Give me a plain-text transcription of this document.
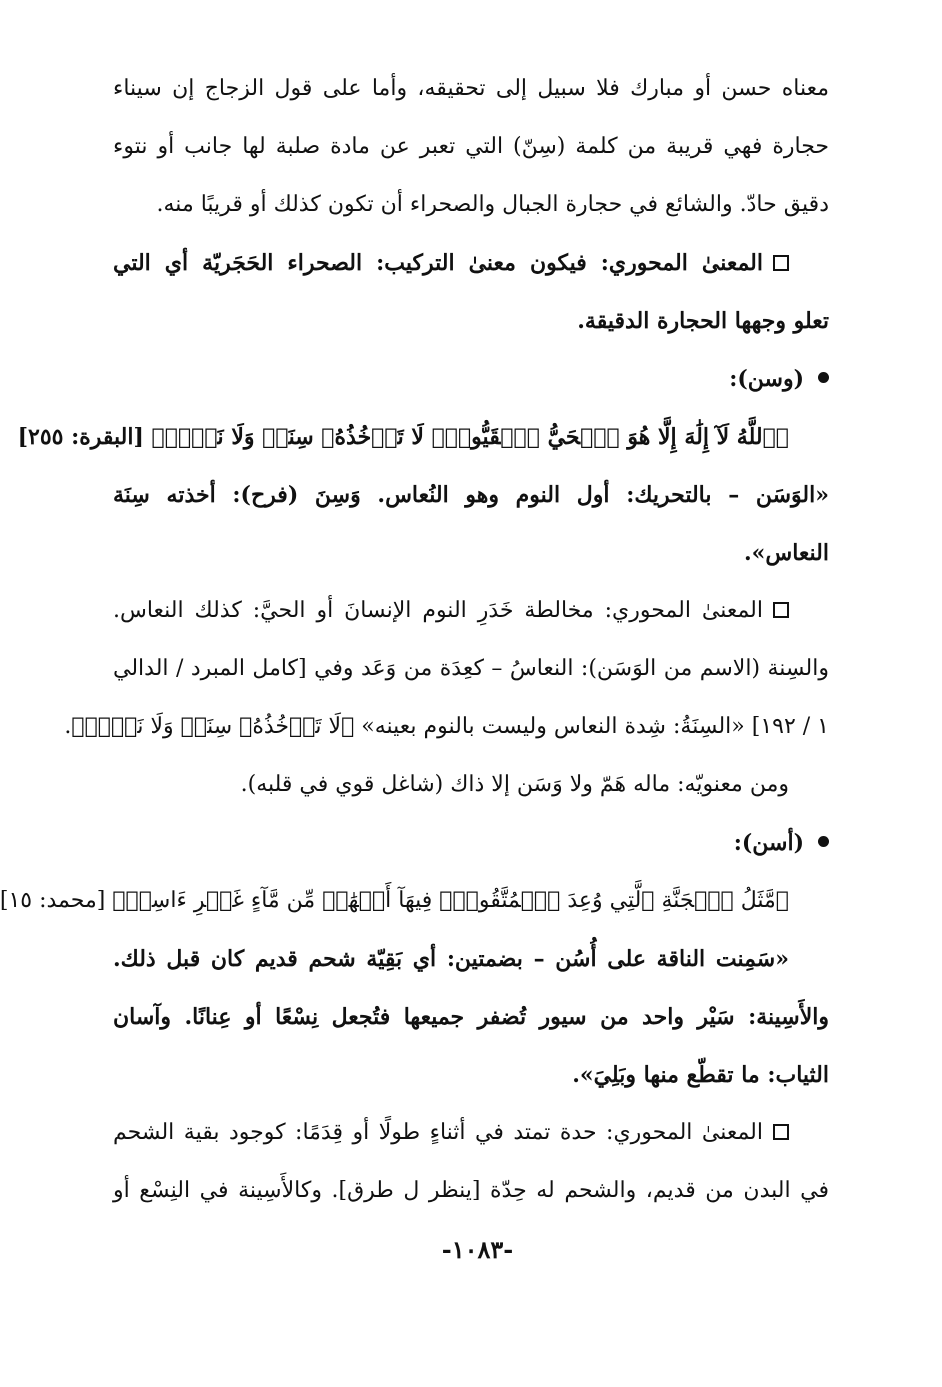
معناه حسن أو مبارك فلا سبيل إلى تحقيقه، وأما على قول الزجاج إن سيناء
حجارة فهي قريبة من كلمة (سِنّ) التي تعبر عن مادة صلبة لها جانب أو نتوء
دقيق حادّ. والشائع في حجارة الجبال والصحراء أن تكون كذلك أو قريبًا منه.
المعنىٰ المحوري: فيكون معنىٰ التركيب: الصحراء الحَجَريّة أي التي
تعلو وجهها الحجارة الدقيقة.
(وسن):
﴿ٱللَّهُ لَآ إِلَٰهَ إِلَّا هُوَ ٱلۡحَيُّ ٱلۡقَيُّومُۚ لَا تَأۡخُذُهُۥ سِنَةٞ وَلَا نَوۡمٞ﴾ [البقرة: ٢٥٥]
«الوَسَن – بالتحريك: أول النوم وهو النُعاس. وَسِنَ (فرح): أخذته سِنَة
النعاس».
المعنىٰ المحوري: مخالطة خَدَرِ النوم الإنسانَ أو الحيَّ: كذلك النعاس.
والسِنة (الاسم من الوَسَن): النعاسُ – كعِدَة من وَعَد وفي [كامل المبرد / الدالي
١ / ١٩٢] «السِنَةُ: شِدة النعاس وليست بالنوم بعينه» ﴿لَا تَأۡخُذُهُۥ سِنَةٞ وَلَا نَوۡمٞ﴾.
ومن معنويّه: ماله هَمّ ولا وَسَن إلا ذاك (شاغل قوي في قلبه).
(أسن):
﴿مَّثَلُ ٱلۡجَنَّةِ ٱلَّتِي وُعِدَ ٱلۡمُتَّقُونَۖ فِيهَآ أَنۡهَٰرٞ مِّن مَّآءٍ غَيۡرِ ءَاسِنٖ﴾ [محمد: ١٥]
«سَمِنت الناقة على أُسُن – بضمتين: أي بَقِيّة شحم قديم كان قبل ذلك.
والأَسِينة: سَيْر واحد من سيور تُضفر جميعها فتُجعل نِسْعًا أو عِنانًا. وآسان
الثياب: ما تقطّع منها وبَلِيَ».
المعنىٰ المحوري: حدة تمتد في أثناءٍ طولًا أو قِدَمًا: كوجود بقية الشحم
في البدن من قديم، والشحم له حِدّة [ينظر ل طرق]. وكالأَسِينة في النِسْع أو
-١٠٨٣-
